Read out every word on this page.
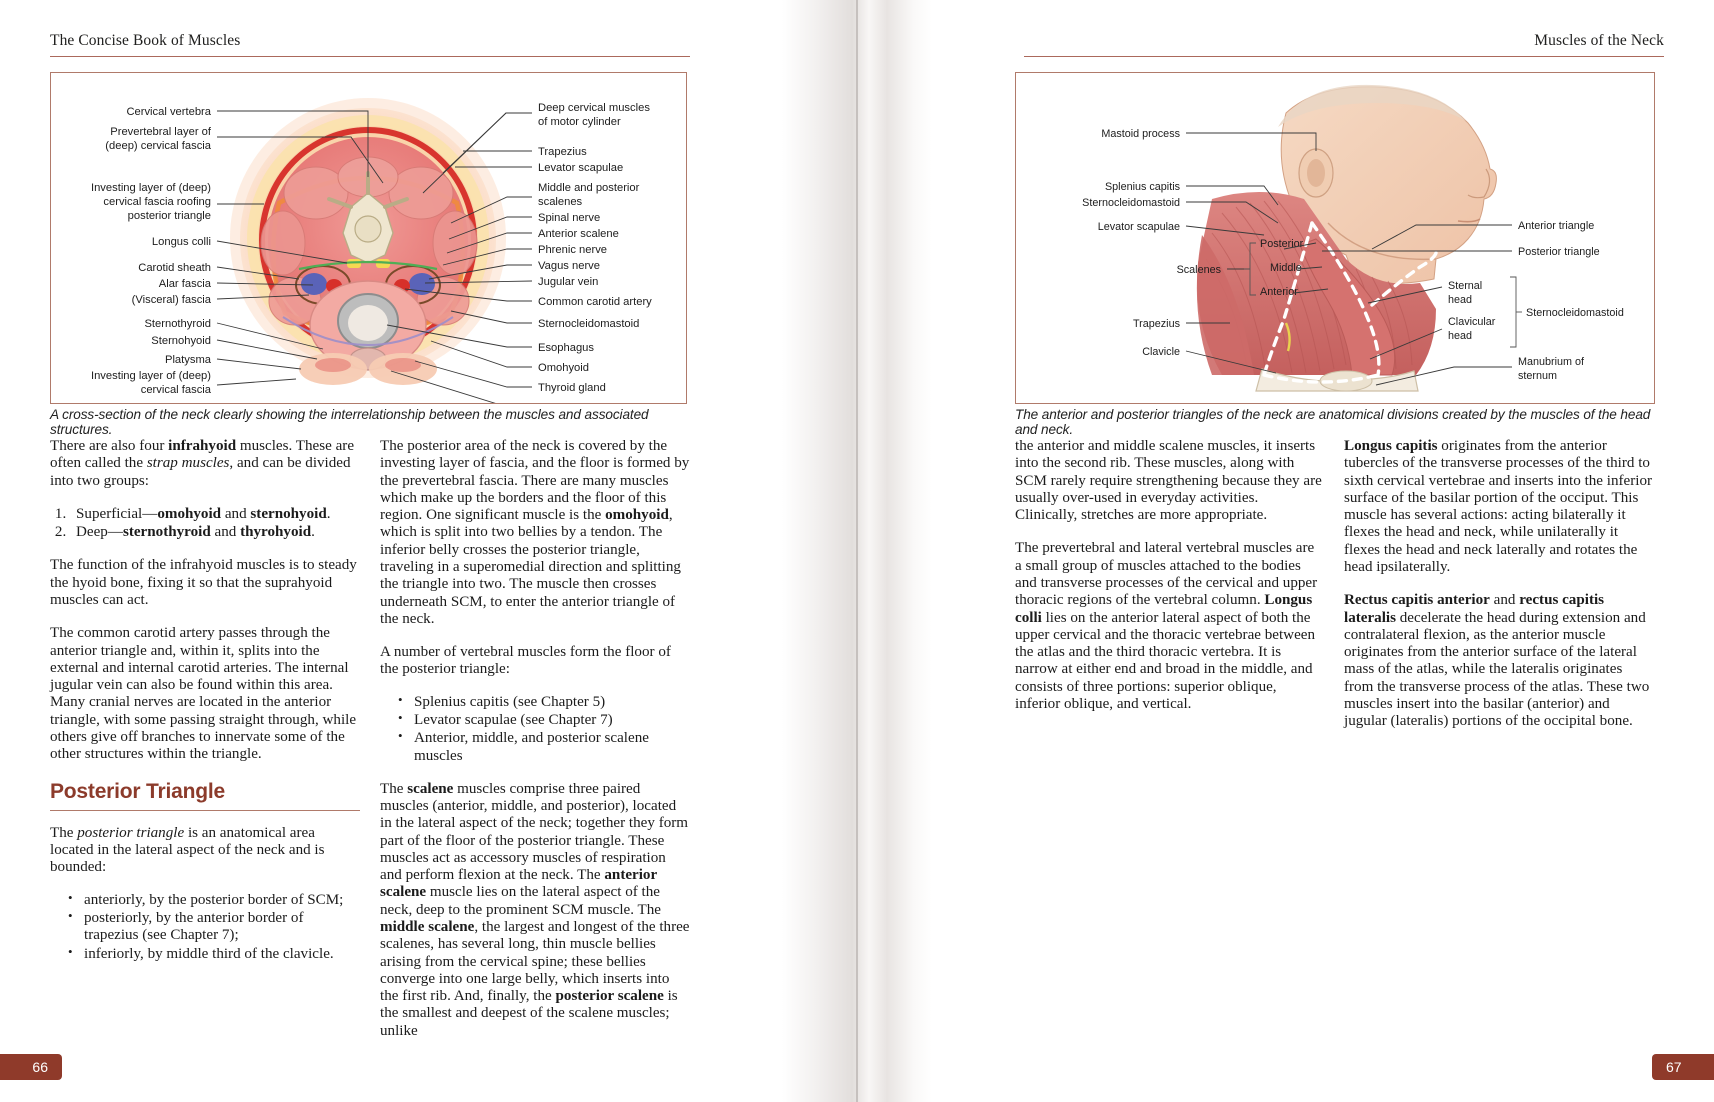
The Concise Book of Muscles
Cervical vertebra
Prevertebral layer of
(deep) cervical fascia
Investing layer of (deep)
cervical fascia roofing
posterior triangle
Longus colli
Carotid sheath
Alar fascia
(Visceral) fascia
Sternothyroid
Sternohyoid
Platysma
Investing layer of (deep)
cervical fascia
Deep cervical muscles
of motor cylinder
Trapezius
Levator scapulae
Middle and posterior
scalenes
Spinal nerve
Anterior scalene
Phrenic nerve
Vagus nerve
Jugular vein
Common carotid artery
Sternocleidomastoid
Esophagus
Omohyoid
Thyroid gland
A cross-section of the neck clearly showing the interrelationship between the muscles and associated structures.

There are also four infrahyoid muscles. These are often called the strap muscles, and can be divided into two groups:

1. Superficial—omohyoid and sternohyoid.
2. Deep—sternothyroid and thyrohyoid.

The function of the infrahyoid muscles is to steady the hyoid bone, fixing it so that the suprahyoid muscles can act.

The common carotid artery passes through the anterior triangle and, within it, splits into the external and internal carotid arteries. The internal jugular vein can also be found within this area. Many cranial nerves are located in the anterior triangle, with some passing straight through, while others give off branches to innervate some of the other structures within the triangle.

Posterior Triangle

The posterior triangle is an anatomical area located in the lateral aspect of the neck and is bounded:

• anteriorly, by the posterior border of SCM;
• posteriorly, by the anterior border of trapezius (see Chapter 7);
• inferiorly, by middle third of the clavicle.

The posterior area of the neck is covered by the investing layer of fascia, and the floor is formed by the prevertebral fascia. There are many muscles which make up the borders and the floor of this region. One significant muscle is the omohyoid, which is split into two bellies by a tendon. The inferior belly crosses the posterior triangle, traveling in a superomedial direction and splitting the triangle into two. The muscle then crosses underneath SCM, to enter the anterior triangle of the neck.

A number of vertebral muscles form the floor of the posterior triangle:

• Splenius capitis (see Chapter 5)
• Levator scapulae (see Chapter 7)
• Anterior, middle, and posterior scalene muscles

The scalene muscles comprise three paired muscles (anterior, middle, and posterior), located in the lateral aspect of the neck; together they form part of the floor of the posterior triangle. These muscles act as accessory muscles of respiration and perform flexion at the neck. The anterior scalene muscle lies on the lateral aspect of the neck, deep to the prominent SCM muscle. The middle scalene, the largest and longest of the three scalenes, has several long, thin muscle bellies arising from the cervical spine; these bellies converge into one large belly, which inserts into the first rib. And, finally, the posterior scalene is the smallest and deepest of the scalene muscles; unlike

66
Muscles of the Neck
Mastoid process
Splenius capitis
Sternocleidomastoid
Levator scapulae
Scalenes
Posterior
Middle
Anterior
Trapezius
Clavicle
Anterior triangle
Posterior triangle
Sternal
head
Clavicular
head
Sternocleidomastoid
Manubrium of
sternum
The anterior and posterior triangles of the neck are anatomical divisions created by the muscles of the head and neck.

the anterior and middle scalene muscles, it inserts into the second rib. These muscles, along with SCM rarely require strengthening because they are usually over-used in everyday activities. Clinically, stretches are more appropriate.

The prevertebral and lateral vertebral muscles are a small group of muscles attached to the bodies and transverse processes of the cervical and upper thoracic regions of the vertebral column. Longus colli lies on the anterior lateral aspect of both the upper cervical and the thoracic vertebrae between the atlas and the third thoracic vertebra. It is narrow at either end and broad in the middle, and consists of three portions: superior oblique, inferior oblique, and vertical.

Longus capitis originates from the anterior tubercles of the transverse processes of the third to sixth cervical vertebrae and inserts into the inferior surface of the basilar portion of the occiput. This muscle has several actions: acting bilaterally it flexes the head and neck, while unilaterally it flexes the head and neck laterally and rotates the head ipsilaterally.

Rectus capitis anterior and rectus capitis lateralis decelerate the head during extension and contralateral flexion, as the anterior muscle originates from the anterior surface of the lateral mass of the atlas, while the lateralis originates from the transverse process of the atlas. These two muscles insert into the basilar (anterior) and jugular (lateralis) portions of the occipital bone.

67
